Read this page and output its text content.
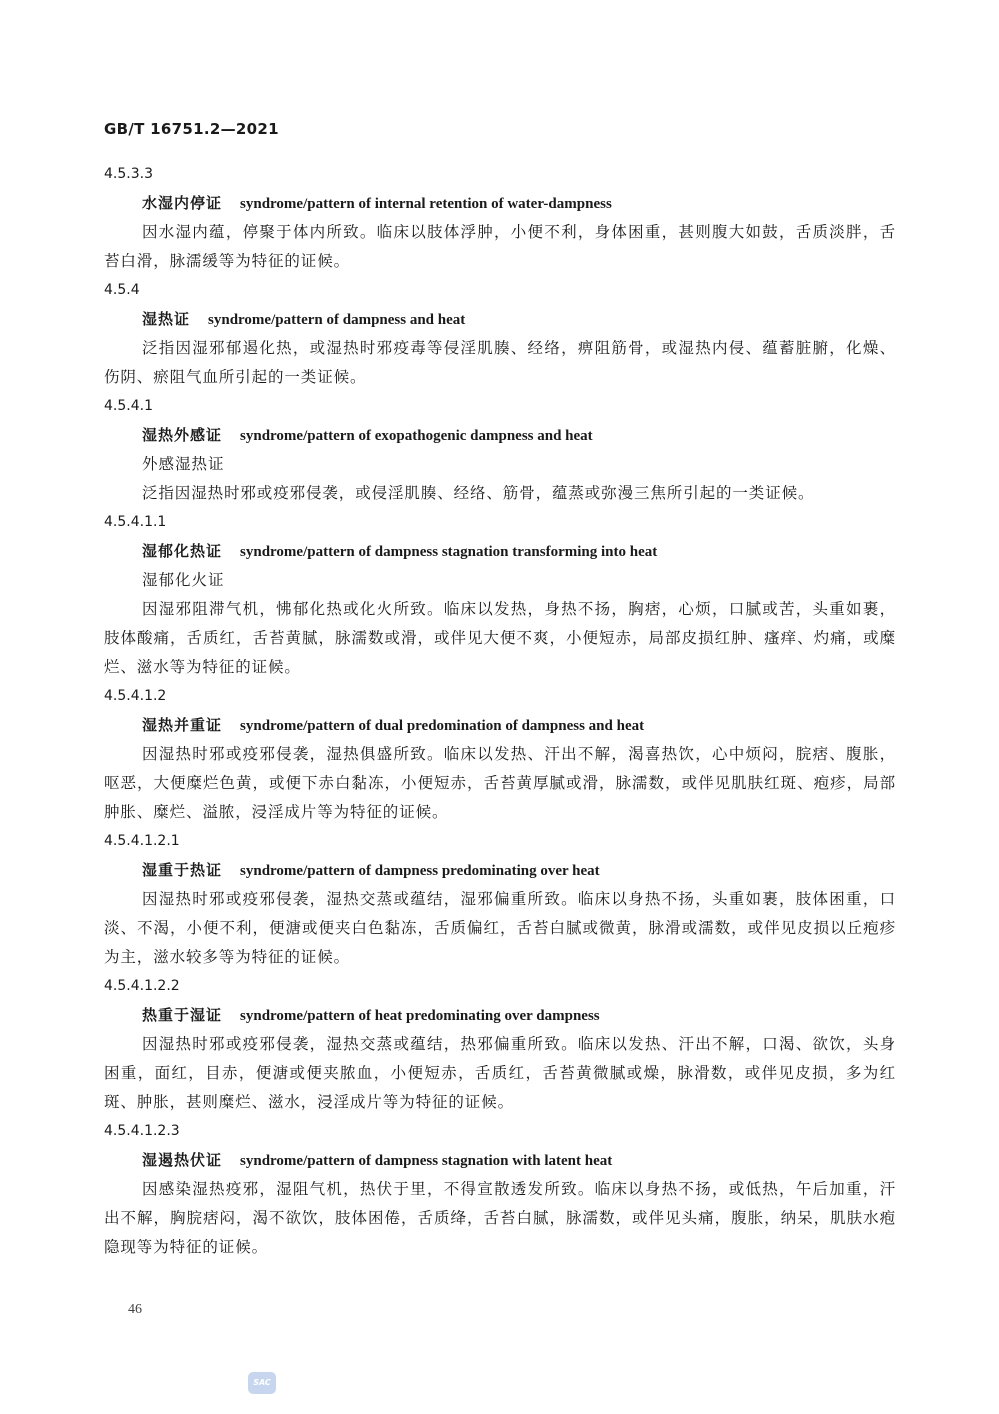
GB/T 16751.2—2021
4.5.3.3
水湿内停证 syndrome/pattern of internal retention of water-dampness

因水湿内蕴，停聚于体内所致。临床以肢体浮肿，小便不利，身体困重，甚则腹大如鼓，舌质淡胖，舌苔白滑，脉濡缓等为特征的证候。

4.5.4
湿热证 syndrome/pattern of dampness and heat

泛指因湿邪郁遏化热，或湿热时邪疫毒等侵淫肌腠、经络，痹阻筋骨，或湿热内侵、蕴蓄脏腑，化燥、伤阴、瘀阻气血所引起的一类证候。

4.5.4.1
湿热外感证 syndrome/pattern of exopathogenic dampness and heat
外感湿热证

泛指因湿热时邪或疫邪侵袭，或侵淫肌腠、经络、筋骨，蕴蒸或弥漫三焦所引起的一类证候。

4.5.4.1.1
湿郁化热证 syndrome/pattern of dampness stagnation transforming into heat
湿郁化火证

因湿邪阻滞气机，怫郁化热或化火所致。临床以发热，身热不扬，胸痞，心烦，口腻或苦，头重如裹，肢体酸痛，舌质红，舌苔黄腻，脉濡数或滑，或伴见大便不爽，小便短赤，局部皮损红肿、瘙痒、灼痛，或糜烂、滋水等为特征的证候。

4.5.4.1.2
湿热并重证 syndrome/pattern of dual predomination of dampness and heat

因湿热时邪或疫邪侵袭，湿热俱盛所致。临床以发热、汗出不解，渴喜热饮，心中烦闷，脘痞、腹胀，呕恶，大便糜烂色黄，或便下赤白黏冻，小便短赤，舌苔黄厚腻或滑，脉濡数，或伴见肌肤红斑、疱疹，局部肿胀、糜烂、溢脓，浸淫成片等为特征的证候。

4.5.4.1.2.1
湿重于热证 syndrome/pattern of dampness predominating over heat

因湿热时邪或疫邪侵袭，湿热交蒸或蕴结，湿邪偏重所致。临床以身热不扬，头重如裹，肢体困重，口淡、不渴，小便不利，便溏或便夹白色黏冻，舌质偏红，舌苔白腻或微黄，脉滑或濡数，或伴见皮损以丘疱疹为主，滋水较多等为特征的证候。

4.5.4.1.2.2
热重于湿证 syndrome/pattern of heat predominating over dampness

因湿热时邪或疫邪侵袭，湿热交蒸或蕴结，热邪偏重所致。临床以发热、汗出不解，口渴、欲饮，头身困重，面红，目赤，便溏或便夹脓血，小便短赤，舌质红，舌苔黄微腻或燥，脉滑数，或伴见皮损，多为红斑、肿胀，甚则糜烂、滋水，浸淫成片等为特征的证候。

4.5.4.1.2.3
湿遏热伏证 syndrome/pattern of dampness stagnation with latent heat

因感染湿热疫邪，湿阻气机，热伏于里，不得宣散透发所致。临床以身热不扬，或低热，午后加重，汗出不解，胸脘痞闷，渴不欲饮，肢体困倦，舌质绛，舌苔白腻，脉濡数，或伴见头痛，腹胀，纳呆，肌肤水疱隐现等为特征的证候。

46
SAC
